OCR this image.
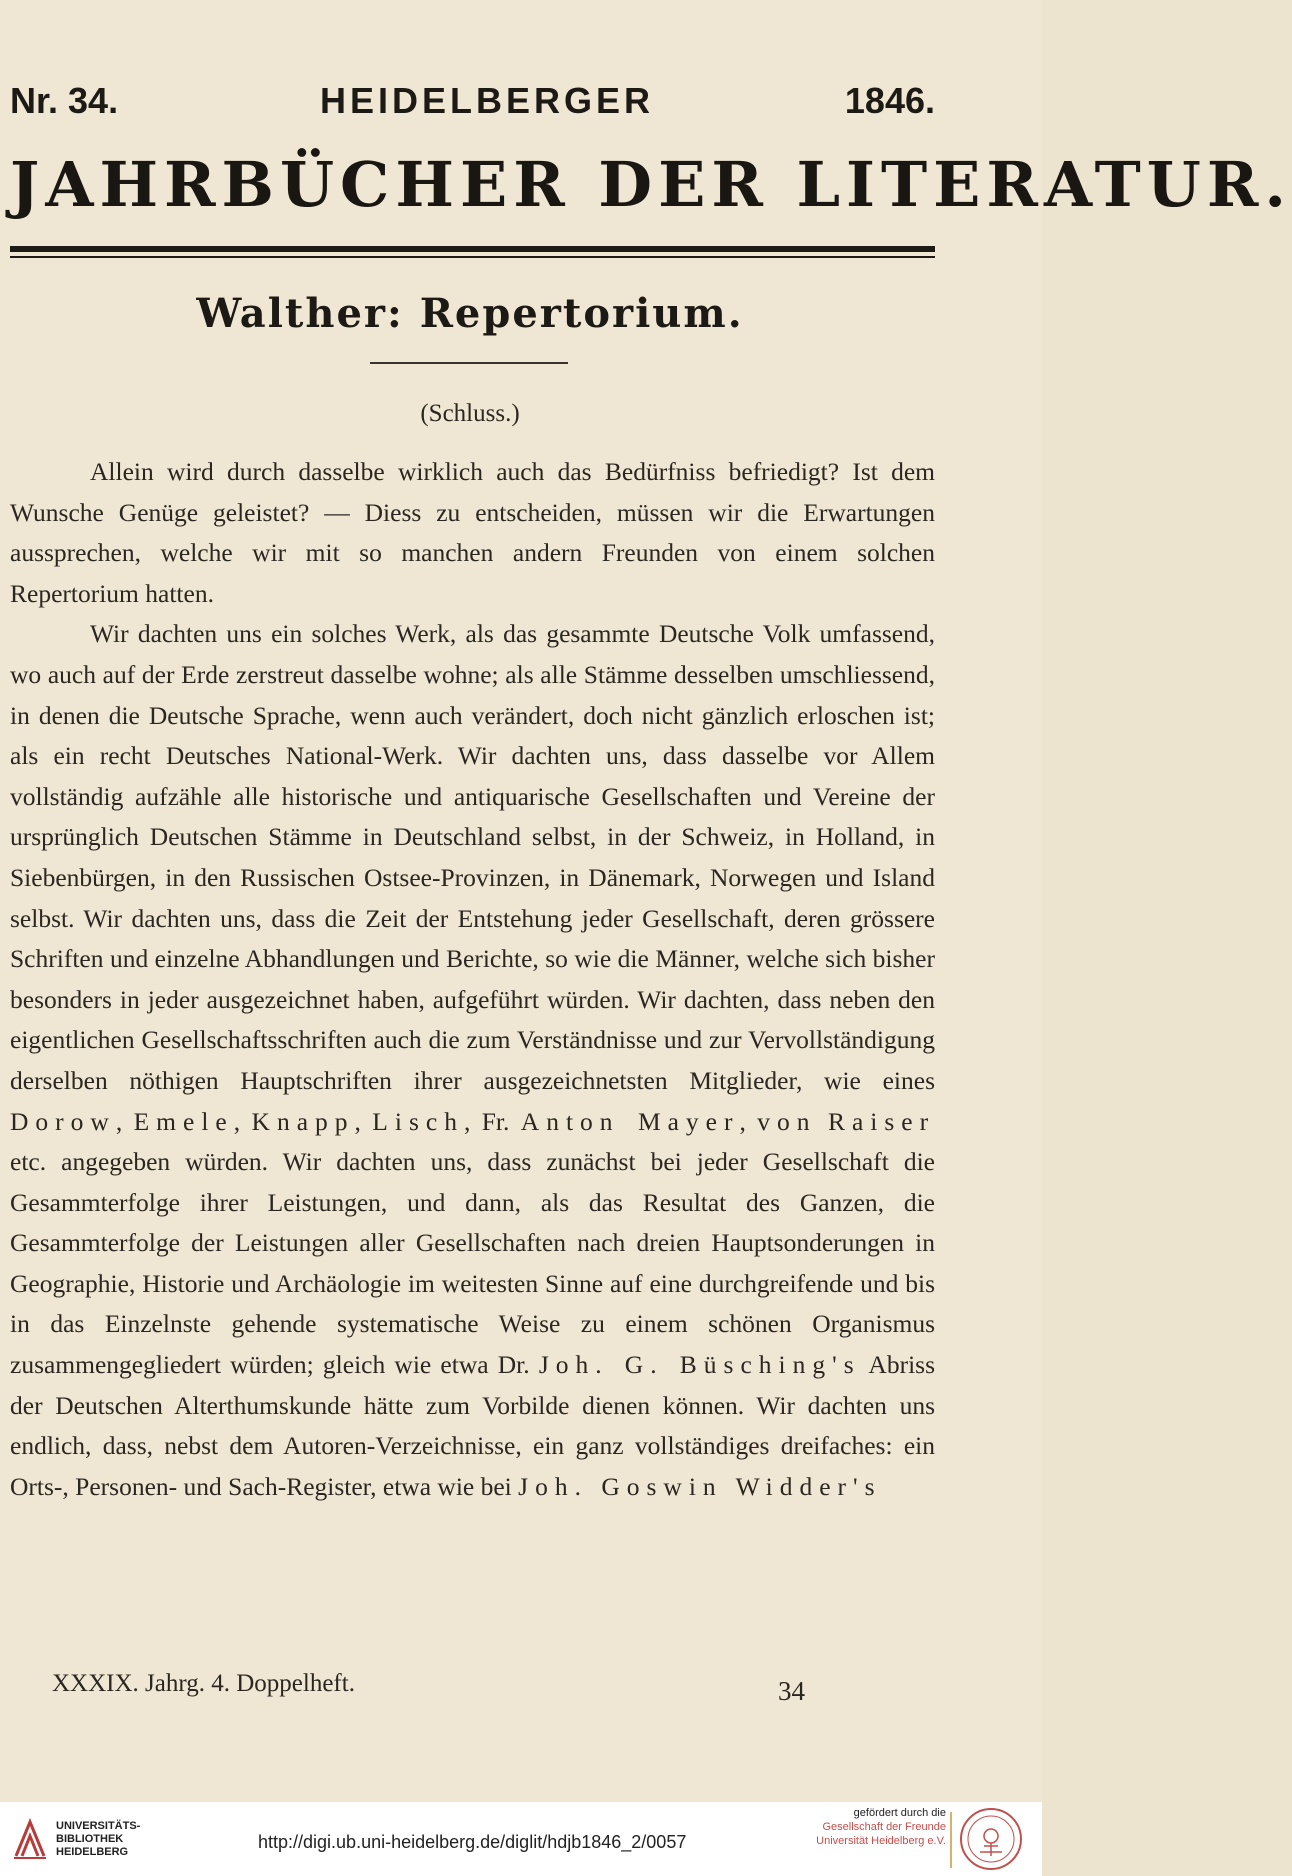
Nr. 34.	HEIDELBERGER	1846.
JAHRBÜCHER DER LITERATUR.
Walther: Repertorium.
(Schluss.)

Allein wird durch dasselbe wirklich auch das Bedürfniss befriedigt? Ist dem Wunsche Genüge geleistet? — Diess zu entscheiden, müssen wir die Erwartungen aussprechen, welche wir mit so manchen andern Freunden von einem solchen Repertorium hatten.

Wir dachten uns ein solches Werk, als das gesammte Deutsche Volk umfassend, wo auch auf der Erde zerstreut dasselbe wohne; als alle Stämme desselben umschliessend, in denen die Deutsche Sprache, wenn auch verändert, doch nicht gänzlich erloschen ist; als ein recht Deutsches National-Werk. Wir dachten uns, dass dasselbe vor Allem vollständig aufzähle alle historische und antiquarische Gesellschaften und Vereine der ursprünglich Deutschen Stämme in Deutschland selbst, in der Schweiz, in Holland, in Siebenbürgen, in den Russischen Ostsee-Provinzen, in Dänemark, Norwegen und Island selbst. Wir dachten uns, dass die Zeit der Entstehung jeder Gesellschaft, deren grössere Schriften und einzelne Abhandlungen und Berichte, so wie die Männer, welche sich bisher besonders in jeder ausgezeichnet haben, aufgeführt würden. Wir dachten, dass neben den eigentlichen Gesellschaftsschriften auch die zum Verständnisse und zur Vervollständigung derselben nöthigen Hauptschriften ihrer ausgezeichnetsten Mitglieder, wie eines Dorow, Emele, Knapp, Lisch, Fr. Anton Mayer, von Raiser etc. angegeben würden. Wir dachten uns, dass zunächst bei jeder Gesellschaft die Gesammterfolge ihrer Leistungen, und dann, als das Resultat des Ganzen, die Gesammterfolge der Leistungen aller Gesellschaften nach dreien Hauptsonderungen in Geographie, Historie und Archäologie im weitesten Sinne auf eine durchgreifende und bis in das Einzelnste gehende systematische Weise zu einem schönen Organismus zusammengegliedert würden; gleich wie etwa Dr. Joh. G. Büsching's Abriss der Deutschen Alterthumskunde hätte zum Vorbilde dienen können. Wir dachten uns endlich, dass, nebst dem Autoren-Verzeichnisse, ein ganz vollständiges dreifaches: ein Orts-, Personen- und Sach-Register, etwa wie bei Joh. Goswin Widder's

XXXIX. Jahrg. 4. Doppelheft.	34
UNIVERSITÄTS-
BIBLIOTHEK
HEIDELBERG	http://digi.ub.uni-heidelberg.de/diglit/hdjb1846_2/0057
gefördert durch die
Gesellschaft der Freunde
Universität Heidelberg e.V.
